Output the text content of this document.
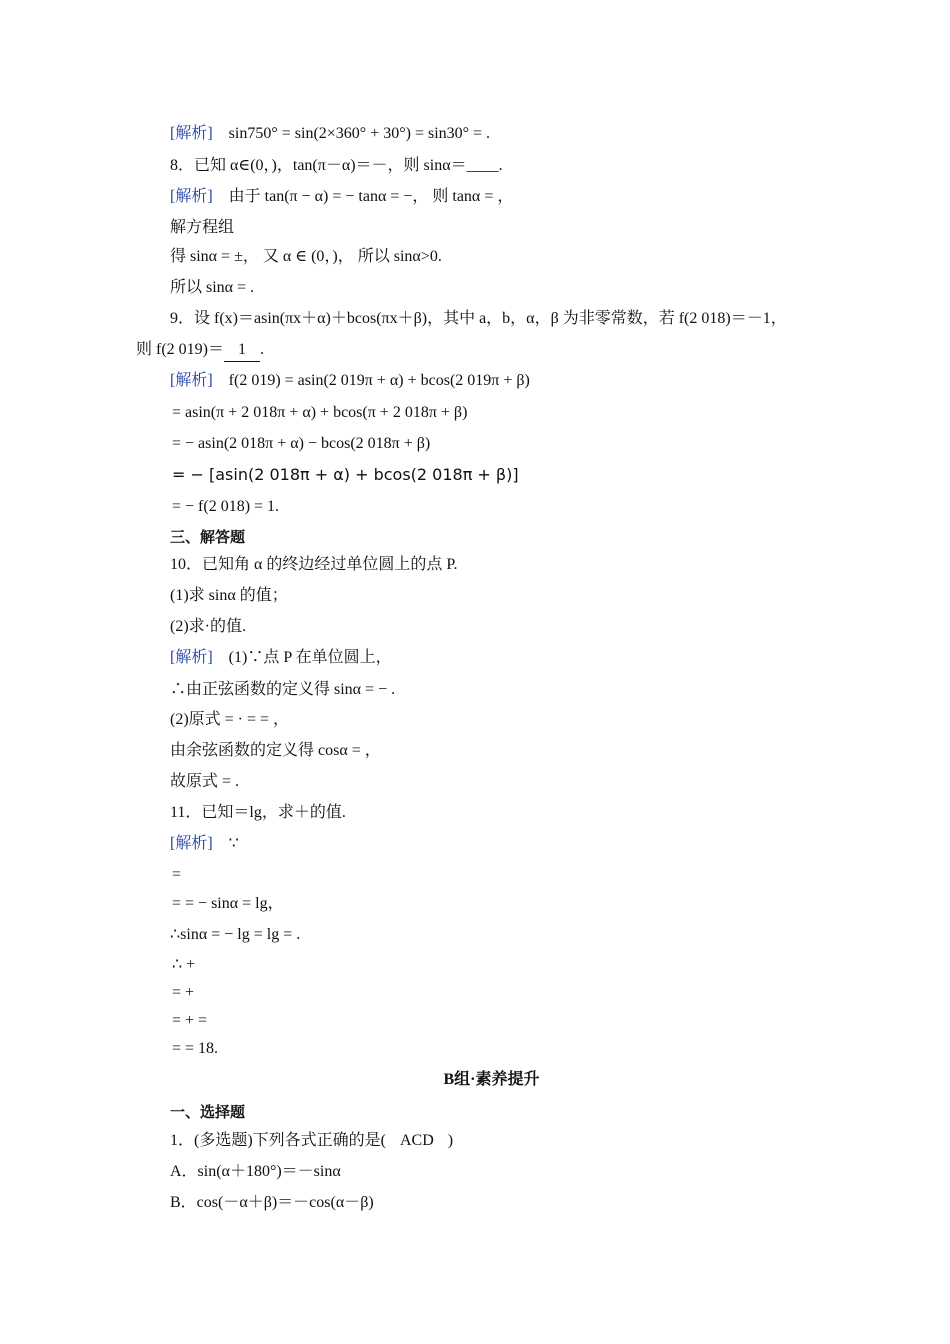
[解析] sin750° = sin(2×360° + 30°) = sin30° = .
8．已知 α∈(0，)，tan(π－α)＝－，则 sinα＝____.
[解析] 由于 tan(π − α) = − tanα = −， 则 tanα = ，
解方程组
得 sinα = ±， 又 α ∈ (0，)， 所以 sinα>0.
所以 sinα = .
9．设 f(x)＝asin(πx＋α)＋bcos(πx＋β)，其中 a，b，α，β 为非零常数，若 f(2 018)＝－1，
则 f(2 019)＝ 1 .
[解析] f(2 019) = asin(2 019π + α) + bcos(2 019π + β)
= asin(π + 2 018π + α) + bcos(π + 2 018π + β)
= − asin(2 018π + α) − bcos(2 018π + β)
= − [asin(2 018π + α) + bcos(2 018π + β)]
= − f(2 018) = 1.
三、解答题
10．已知角 α 的终边经过单位圆上的点 P.
(1)求 sinα 的值；
(2)求·的值.
[解析] (1)∵点 P 在单位圆上，
∴由正弦函数的定义得 sinα = − .
(2)原式 = · = = ，
由余弦函数的定义得 cosα = ，
故原式 = .
11．已知＝lg，求＋的值.
[解析] ∵
=
= = − sinα = lg，
∴sinα = − lg = lg = .
∴ +
= +
= + =
= = 18.
B组·素养提升
一、选择题
1．(多选题)下列各式正确的是( ACD )
A．sin(α＋180°)＝－sinα
B．cos(－α＋β)＝－cos(α－β)
